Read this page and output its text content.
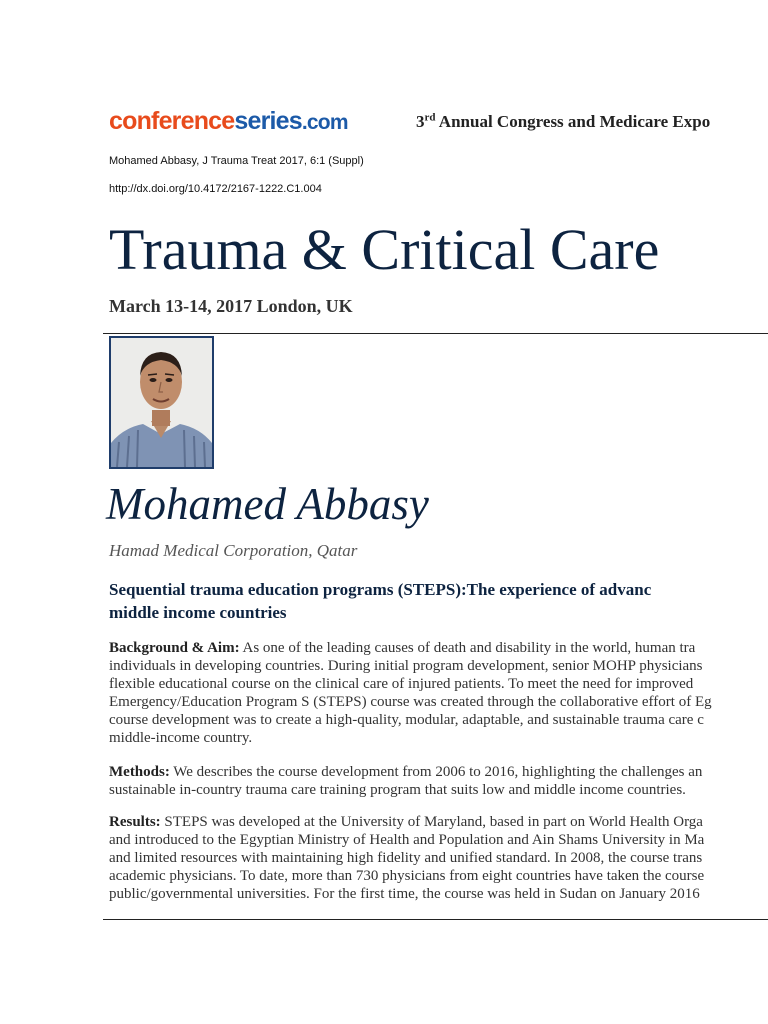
conferenceseries.com	3rd Annual Congress and Medicare Expo
Mohamed Abbasy, J Trauma Treat 2017, 6:1 (Suppl)
http://dx.doi.org/10.4172/2167-1222.C1.004
Trauma & Critical Care
March 13-14, 2017 London, UK
Mohamed Abbasy
Hamad Medical Corporation, Qatar
Sequential trauma education programs (STEPS):The experience of advanc
middle income countries

Background & Aim: As one of the leading causes of death and disability in the world, human tra
individuals in developing countries. During initial program development, senior MOHP physicians
flexible educational course on the clinical care of injured patients. To meet the need for improved
Emergency/Education Program S (STEPS) course was created through the collaborative effort of Eg
course development was to create a high-quality, modular, adaptable, and sustainable trauma care c
middle-income country.

Methods: We describes the course development from 2006 to 2016, highlighting the challenges an
sustainable in-country trauma care training program that suits low and middle income countries.

Results: STEPS was developed at the University of Maryland, based in part on World Health Orga
and introduced to the Egyptian Ministry of Health and Population and Ain Shams University in Ma
and limited resources with maintaining high fidelity and unified standard. In 2008, the course trans
academic physicians. To date, more than 730 physicians from eight countries have taken the course
public/governmental universities. For the first time, the course was held in Sudan on January 2016
